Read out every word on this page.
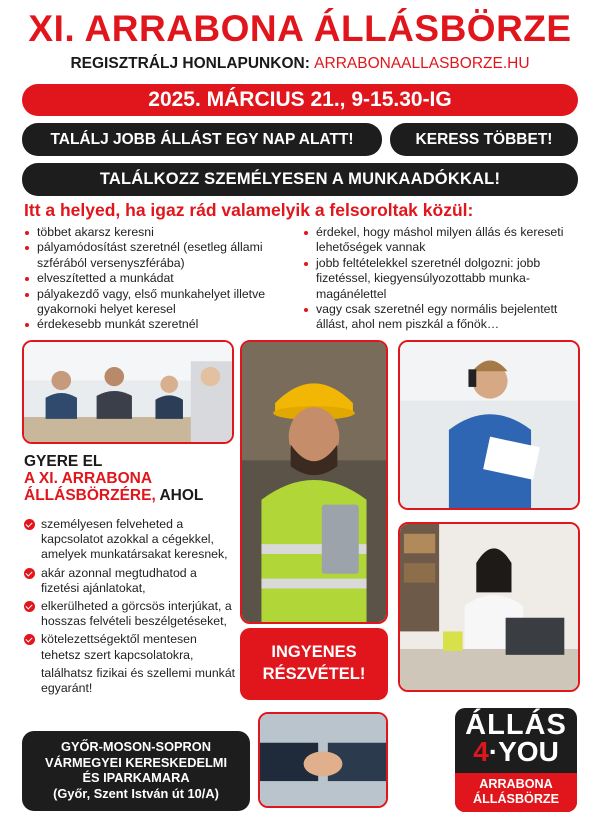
XI. ARRABONA ÁLLÁSBÖRZE
REGISZTRÁLJ HONLAPUNKON: ARRABONAALLASBORZE.HU
2025. MÁRCIUS 21., 9-15.30-IG
TALÁLJ JOBB ÁLLÁST EGY NAP ALATT!	KERESS TÖBBET!
TALÁLKOZZ SZEMÉLYESEN A MUNKAADÓKKAL!
Itt a helyed, ha igaz rád valamelyik a felsoroltak közül:
többet akarsz keresni
pályamódosítást szeretnél (esetleg állami szférából versenyszférába)
elveszítetted a munkádat
pályakezdő vagy, első munkahelyet illetve gyakornoki helyet keresel
érdekesebb munkát szeretnél
érdekel, hogy máshol milyen állás és kereseti lehetőségek vannak
jobb feltételekkel szeretnél dolgozni: jobb fizetéssel, kiegyensúlyozottabb munka-magánélettel
vagy csak szeretnél egy normális bejelentett állást, ahol nem piszkál a főnök…
INGYENES
RÉSZVÉTEL!
GYERE EL
A XI. ARRABONA
ÁLLÁSBÖRZÉRE, AHOL
személyesen felveheted a kapcsolatot azokkal a cégekkel, amelyek munkatársakat keresnek,
akár azonnal megtudhatod a fizetési ajánlatokat,
elkerülheted a görcsös interjúkat, a hosszas felvételi beszélgetéseket,
kötelezettségektől mentesen tehetsz szert kapcsolatokra,
találhatsz fizikai és szellemi munkát egyaránt!
GYŐR-MOSON-SOPRON
VÁRMEGYEI KERESKEDELMI
ÉS IPARKAMARA
(Győr, Szent István út 10/A)
ÁLLÁS
4·YOU
ARRABONA
ÁLLÁSBÖRZE
